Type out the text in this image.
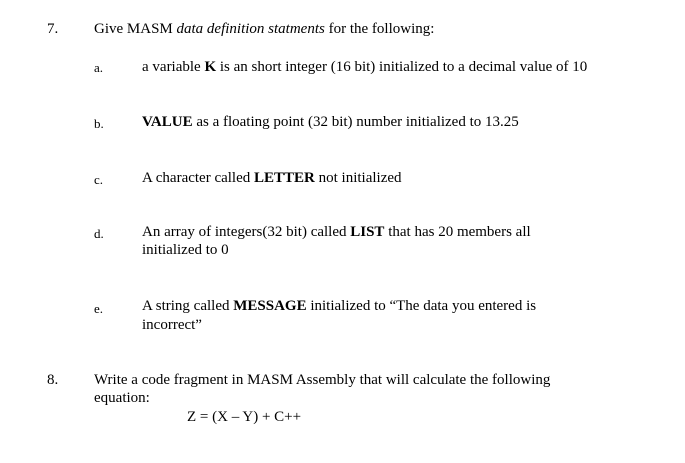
7. Give MASM data definition statments for the following:
a.	a variable K is an short integer (16 bit) initialized to a decimal value of 10
b.	VALUE as a floating point (32 bit) number initialized to 13.25
c.	A character called LETTER not initialized
d.	An array of integers(32 bit) called LIST that has 20 members all
initialized to 0
e.	A string called MESSAGE initialized to “The data you entered is
incorrect”
8. Write a code fragment in MASM Assembly that will calculate the following
equation:
Z = (X – Y) + C++
